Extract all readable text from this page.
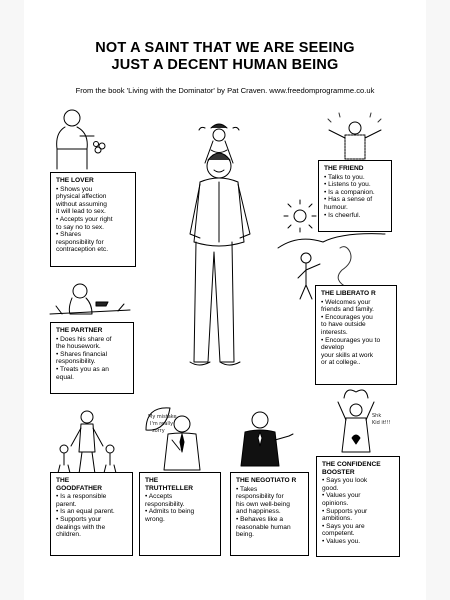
NOT A SAINT THAT WE ARE SEEING
JUST A DECENT HUMAN BEING
From the book 'Living with the Dominator' by Pat Craven. www.freedomprogramme.co.uk
My mistake
I'm really
sorry
Shk
Kid it!!!
THE LOVER
• Shows you
physical affection
without assuming
it will lead to sex.
• Accepts your right
to say no to sex.
• Shares
responsibility for
contraception etc.
THE FRIEND
• Talks to you.
• Listens to you.
• Is a companion.
• Has a sense of
humour.
• Is cheerful.
THE LIBERATO R
• Welcomes your
friends and family.
• Encourages you
to have outside
interests.
• Encourages you to
develop
your skills at work
or at college..
THE PARTNER
• Does his share of
the housework.
• Shares financial
responsibility.
• Treats you as an
equal.
THE
GOODFATHER
• Is a responsible
parent.
• Is an equal parent.
• Supports your
dealings with the
children.
THE
TRUTHTELLER
• Accepts
responsibility.
• Admits to being
wrong.
THE NEGOTIATO R
• Takes
responsibility for
his own well-being
and happiness.
• Behaves like a
reasonable human
being.
THE CONFIDENCE
BOOSTER
• Says you look
good.
• Values your
opinions.
• Supports your
ambitions.
• Says you are
competent.
• Values you.
